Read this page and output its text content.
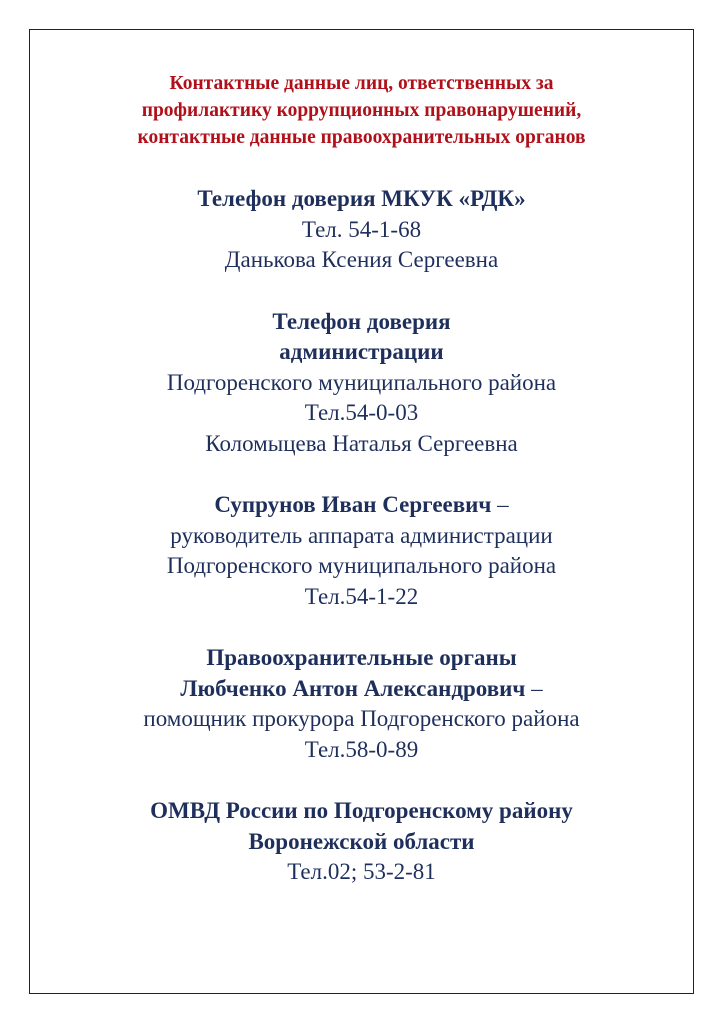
Контактные данные лиц, ответственных за
профилактику коррупционных правонарушений,
контактные данные правоохранительных органов
Телефон доверия МКУК «РДК»
Тел. 54-1-68
Данькова Ксения Сергеевна
Телефон доверия
администрации
Подгоренского муниципального района
Тел.54-0-03
Коломыцева Наталья Сергеевна
Супрунов Иван Сергеевич –
руководитель аппарата администрации
Подгоренского муниципального района
Тел.54-1-22
Правоохранительные органы
Любченко Антон Александрович –
помощник прокурора Подгоренского района
Тел.58-0-89
ОМВД России по Подгоренскому району
Воронежской области
Тел.02; 53-2-81
